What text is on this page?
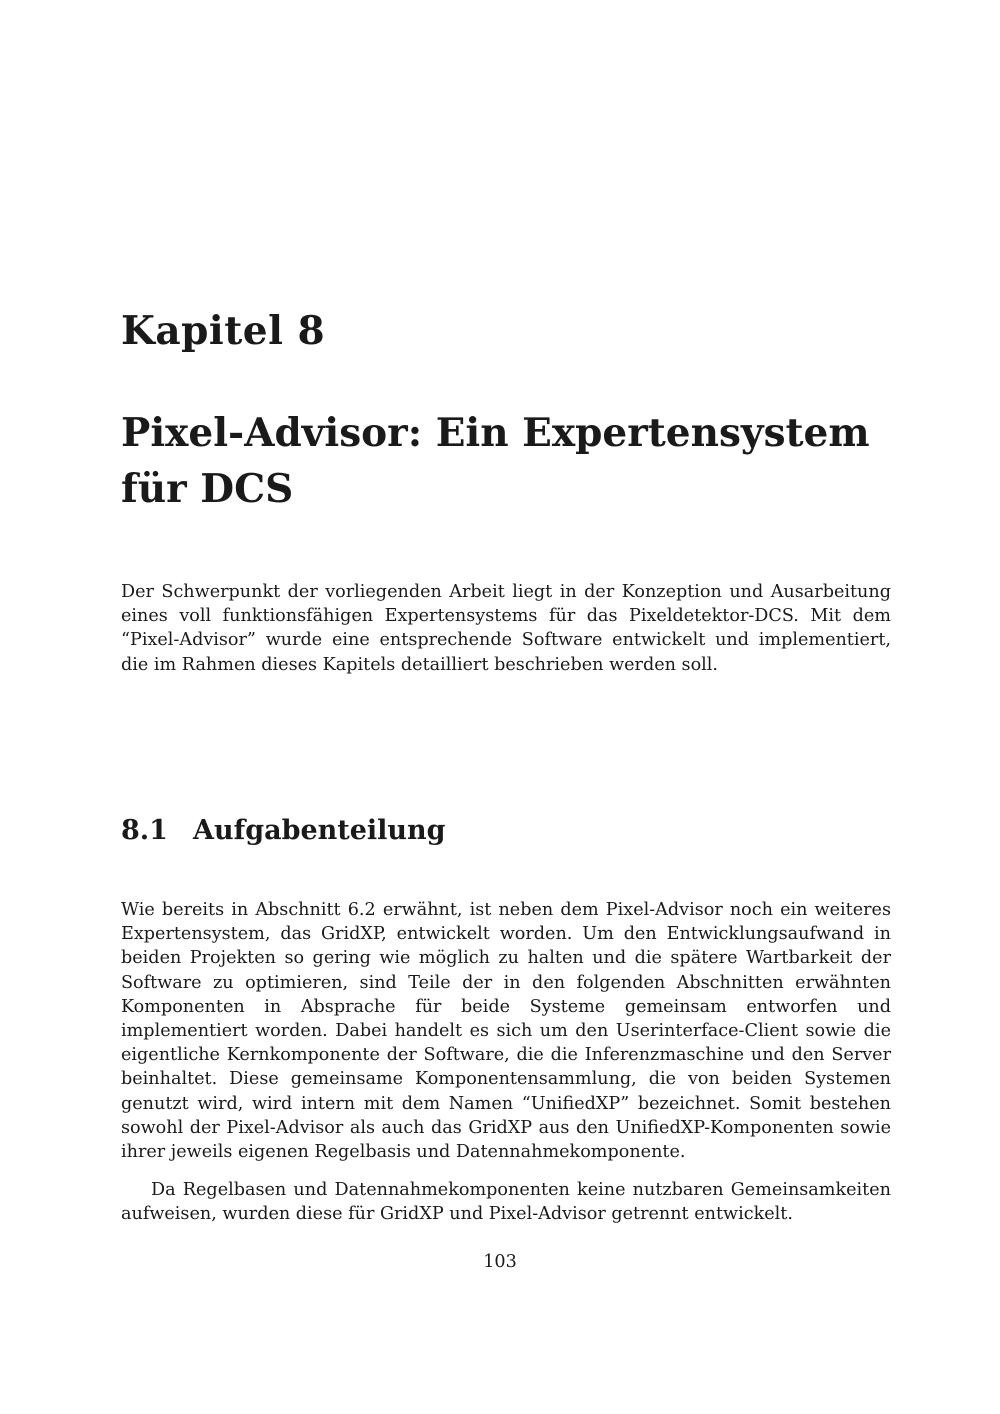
Kapitel 8
Pixel-Advisor: Ein Expertensystem für DCS

Der Schwerpunkt der vorliegenden Arbeit liegt in der Konzeption und Ausarbeitung eines voll funktionsfähigen Expertensystems für das Pixeldetektor-DCS. Mit dem “Pixel-Advisor” wurde eine entsprechende Software entwickelt und implementiert, die im Rahmen dieses Kapitels detailliert beschrieben werden soll.

8.1 Aufgabenteilung

Wie bereits in Abschnitt 6.2 erwähnt, ist neben dem Pixel-Advisor noch ein weiteres Expertensystem, das GridXP, entwickelt worden. Um den Entwicklungsaufwand in beiden Projekten so gering wie möglich zu halten und die spätere Wartbarkeit der Software zu optimieren, sind Teile der in den folgenden Abschnitten erwähnten Komponenten in Absprache für beide Systeme gemeinsam entworfen und implementiert worden. Dabei handelt es sich um den Userinterface-Client sowie die eigentliche Kernkomponente der Software, die die Inferenzmaschine und den Server beinhaltet. Diese gemeinsame Komponentensammlung, die von beiden Systemen genutzt wird, wird intern mit dem Namen “UnifiedXP” bezeichnet. Somit bestehen sowohl der Pixel-Advisor als auch das GridXP aus den UnifiedXP-Komponenten sowie ihrer jeweils eigenen Regelbasis und Datennahmekomponente.

Da Regelbasen und Datennahmekomponenten keine nutzbaren Gemeinsamkeiten aufweisen, wurden diese für GridXP und Pixel-Advisor getrennt entwickelt.

103
